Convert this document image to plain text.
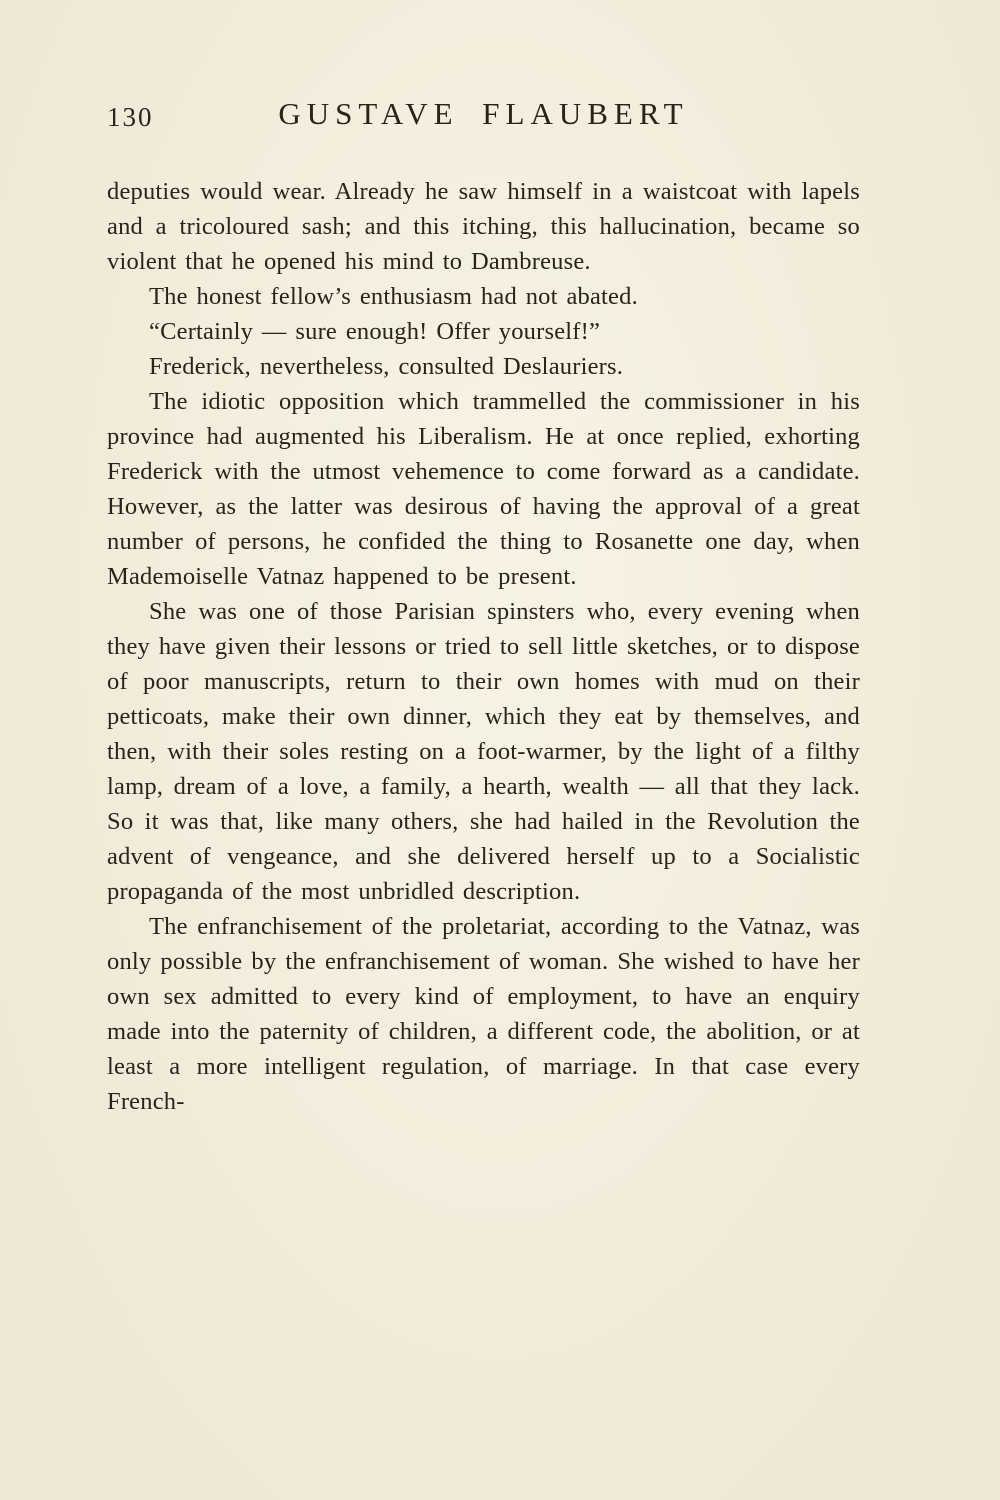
130	GUSTAVE FLAUBERT

deputies would wear. Already he saw himself in a waistcoat with lapels and a tricoloured sash; and this itching, this hallucination, became so violent that he opened his mind to Dambreuse.

The honest fellow’s enthusiasm had not abated.

“Certainly — sure enough! Offer yourself!”

Frederick, nevertheless, consulted Deslauriers.

The idiotic opposition which trammelled the commissioner in his province had augmented his Liberalism. He at once replied, exhorting Frederick with the utmost vehemence to come forward as a candidate. However, as the latter was desirous of having the approval of a great number of persons, he confided the thing to Rosanette one day, when Mademoiselle Vatnaz happened to be present.

She was one of those Parisian spinsters who, every evening when they have given their lessons or tried to sell little sketches, or to dispose of poor manuscripts, return to their own homes with mud on their petticoats, make their own dinner, which they eat by themselves, and then, with their soles resting on a foot-warmer, by the light of a filthy lamp, dream of a love, a family, a hearth, wealth — all that they lack. So it was that, like many others, she had hailed in the Revolution the advent of vengeance, and she delivered herself up to a Socialistic propaganda of the most unbridled description.

The enfranchisement of the proletariat, according to the Vatnaz, was only possible by the enfranchisement of woman. She wished to have her own sex admitted to every kind of employment, to have an enquiry made into the paternity of children, a different code, the abolition, or at least a more intelligent regulation, of marriage. In that case every French-
